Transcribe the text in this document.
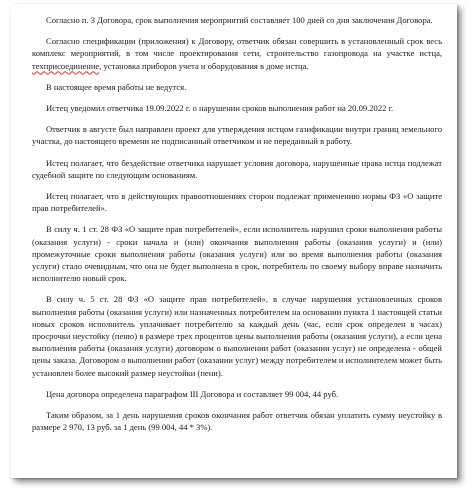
Согласно п. 3 Договора, срок выполнения мероприятий составляет 100 дней со дня заключения Договора.

Согласно спецификации (приложения) к Договору, ответчик обязан совершить в установленный срок весь комплекс мероприятий, в том числе проектирования сети, строительство газопровода на участке истца, техприсоединение, установка приборов учета и оборудования в доме истца.

В настоящее время работы не ведутся.

Истец уведомил ответчика 19.09.2022 г. о нарушении сроков выполнения работ на 20.09.2022 г.

Ответчик в августе был направлен проект для утверждения истцом газификации внутри границ земельного участка, до настоящего времени не подписанный ответчиком и не переданный в работу.

Истец полагает, что бездействие ответчика нарушает условия договора, нарушенные права истца подлежат судебной защите по следующим основаниям.

Истец полагает, что в действующих правоотношениях сторон подлежат применению нормы ФЗ «О защите прав потребителей».

В силу ч. 1 ст. 28 ФЗ «О защите прав потребителей», если исполнитель нарушил сроки выполнения работы (оказания услуги) - сроки начала и (или) окончания выполнения работы (оказания услуги) и (или) промежуточные сроки выполнения работы (оказания услуги) или во время выполнения работы (оказания услуги) стало очевидным, что она не будет выполнена в срок, потребитель по своему выбору вправе назначить исполнителю новый срок.

В силу ч. 5 ст. 28 ФЗ «О защите прав потребителей», в случае нарушения установленных сроков выполнения работы (оказания услуги) или назначенных потребителем на основании пункта 1 настоящей статьи новых сроков исполнитель уплачивает потребителю за каждый день (час, если срок определен в часах) просрочки неустойку (пеню) в размере трех процентов цены выполнения работы (оказания услуги), а если цена выполнения работы (оказания услуги) договором о выполнении работ (оказании услуг) не определена - общей цены заказа. Договором о выполнении работ (оказании услуг) между потребителем и исполнителем может быть установлен более высокий размер неустойки (пени).

Цена договора определена параграфом III Договора и составляет 99 004, 44 руб.

Таким образом, за 1 день нарушения сроков окончания работ ответчик обязан уплатить сумму неустойку в размере 2 970, 13 руб. за 1 день (99 004, 44 * 3%).
